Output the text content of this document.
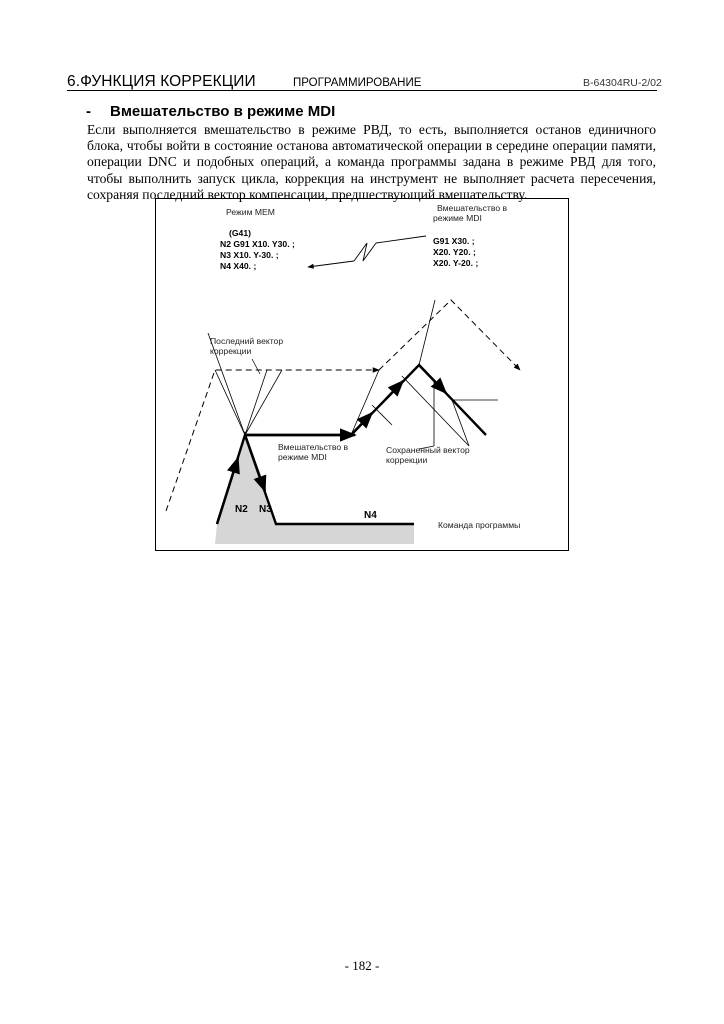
6.ФУНКЦИЯ КОРРЕКЦИИ	ПРОГРАММИРОВАНИЕ	B-64304RU-2/02
- Вмешательство в режиме MDI
Если выполняется вмешательство в режиме РВД, то есть, выполняется останов единичного блока, чтобы войти в состояние останова автоматической операции в середине операции памяти, операции DNC и подобных операций, а команда программы задана в режиме РВД для того, чтобы выполнить запуск цикла, коррекция на инструмент не выполняет расчета пересечения, сохраняя последний вектор компенсации, предшествующий вмешательству.
Режим MEM
(G41)
N2 G91 X10. Y30. ;
N3 X10. Y-30. ;
N4 X40. ;
Вмешательство в
режиме MDI
G91 X30. ;
X20. Y20. ;
X20. Y-20. ;
Последний вектор
коррекции
Вмешательство в
режиме MDI
Сохраненный вектор
коррекции
Команда программы
N2 N3
N4
- 182 -
